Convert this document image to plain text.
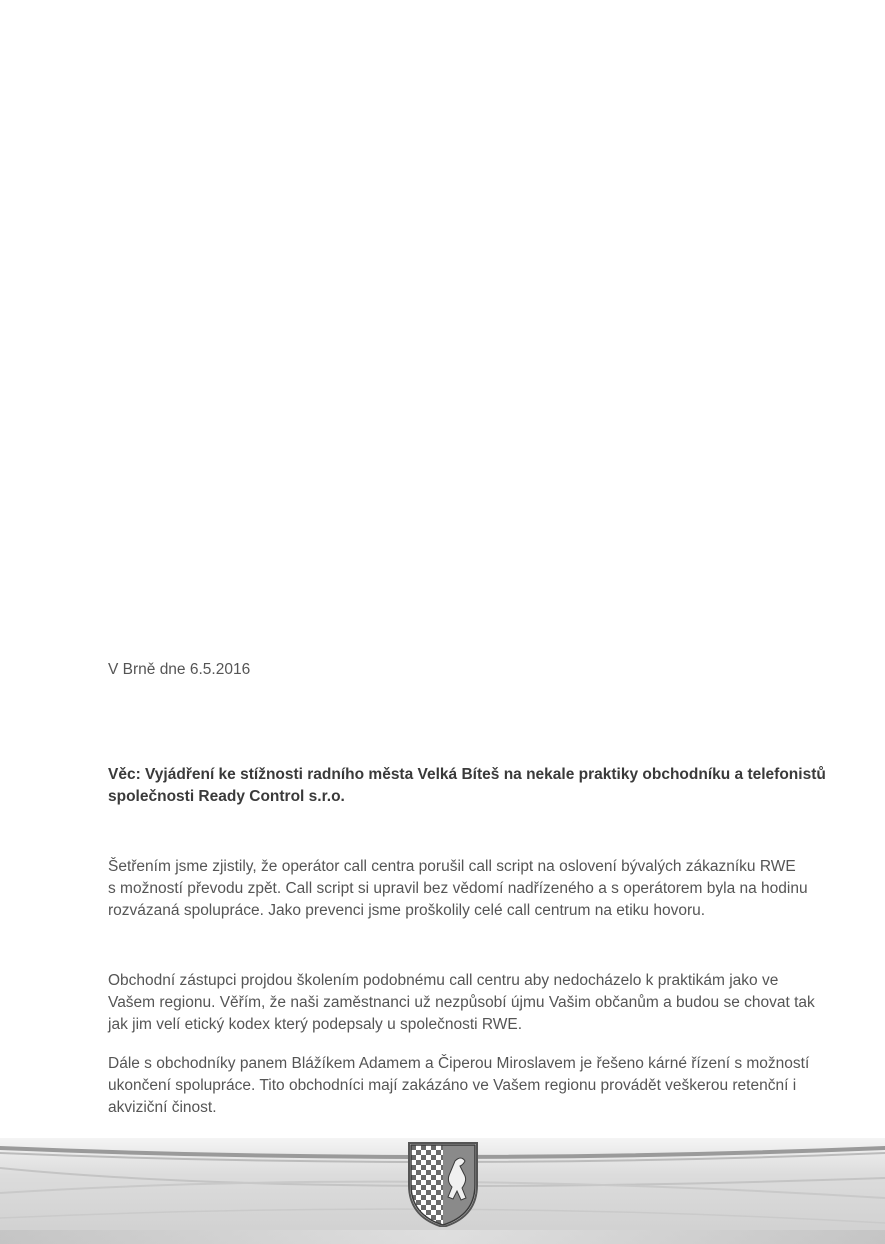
V Brně dne 6.5.2016
Věc: Vyjádření ke stížnosti radního města Velká Bíteš na nekale praktiky obchodníku a telefonistů
společnosti Ready Control s.r.o.
Šetřením jsme zjistily, že operátor call centra porušil call script na oslovení bývalých zákazníku RWE
s možností převodu zpět. Call script si upravil bez vědomí nadřízeného a s operátorem byla na hodinu
rozvázaná spolupráce. Jako prevenci jsme proškolily celé call centrum na etiku hovoru.
Obchodní zástupci projdou školením podobnému call centru aby nedocházelo k praktikám jako ve
Vašem regionu. Věřím, že naši zaměstnanci už nezpůsobí újmu Vašim občanům a budou se chovat tak
jak jim velí etický kodex který podepsaly u společnosti RWE.
Dále s obchodníky panem Blážíkem Adamem a Čiperou Miroslavem je řešeno kárné řízení s možností
ukončení spolupráce. Tito obchodníci mají zakázáno ve Vašem regionu provádět veškerou retenční i
akviziční činost.
